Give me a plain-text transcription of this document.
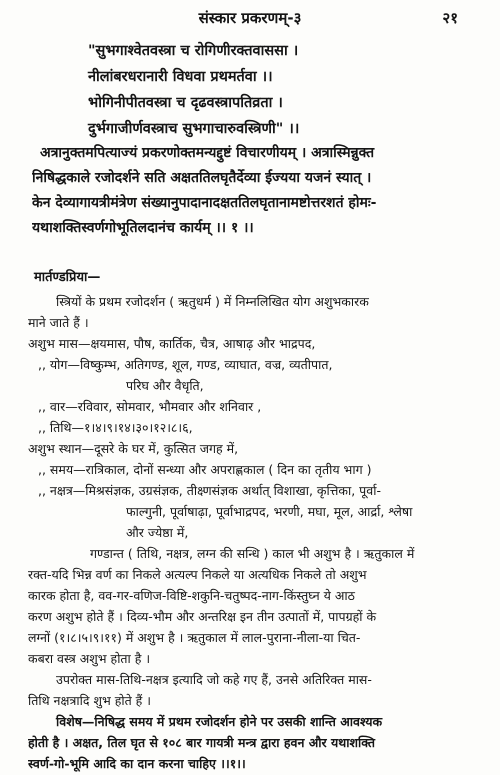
संस्कार प्रकरणम्-३	२१
"सुभगाश्वेतवस्त्रा च रोगिणीरक्तवाससा ।
नीलांबरधरानारी विधवा प्रथमर्तवा ।।
भोगिनीपीतवस्त्रा च दृढवस्त्रापतिव्रता ।
दुर्भगाजीर्णवस्त्राच सुभगाचारुवस्त्रिणी" ।।
अत्रानुक्तमपित्याज्यं प्रकरणोक्तमन्यद्दुष्टं विचारणीयम् । अत्रास्मिन्नुक्त
निषिद्धकाले रजोदर्शने सति अक्षततिलघृतैर्देव्या ईज्यया यजनं स्यात् ।
केन देव्यागायत्रीमंत्रेण संख्यानुपादानादक्षततिलघृतानामष्टोत्तरशतं होमः-
यथाशक्तिस्वर्णगोभूतिलदानंच कार्यम् ।। १ ।।
मार्तण्डप्रिया—
स्त्रियों के प्रथम रजोदर्शन ( ऋतुधर्म ) में निम्नलिखित योग अशुभकारक
माने जाते हैं ।
अशुभ मास—क्षयमास, पौष, कार्तिक, चैत्र, आषाढ़ और भाद्रपद,
,, योग—विष्कुम्भ, अतिगण्ड, शूल, गण्ड, व्याघात, वज्र, व्यतीपात,
परिघ और वैधृति,
,, वार—रविवार, सोमवार, भौमवार और शनिवार ,
,, तिथि—१।४।९।१४।३०।१२।८।६,
अशुभ स्थान—दूसरे के घर में, कुत्सित जगह में,
,, समय—रात्रिकाल, दोनों सन्ध्या और अपराह्णकाल ( दिन का तृतीय भाग )
,, नक्षत्र—मिश्रसंज्ञक, उग्रसंज्ञक, तीक्ष्णसंज्ञक अर्थात् विशाखा, कृत्तिका, पूर्वा-
फाल्गुनी, पूर्वाषाढ़ा, पूर्वाभाद्रपद, भरणी, मघा, मूल, आर्द्रा, श्लेषा
और ज्येष्ठा में,
गण्डान्त ( तिथि, नक्षत्र, लग्न की सन्धि ) काल भी अशुभ है । ऋतुकाल में
रक्त-यदि भिन्न वर्ण का निकले अत्यल्प निकले या अत्यधिक निकले तो अशुभ
कारक होता है, वव-गर-वणिज-विष्टि-शकुनि-चतुष्पद-नाग-किंस्तुघ्न ये आठ
करण अशुभ होते हैं । दिव्य-भौम और अन्तरिक्ष इन तीन उत्पातों में, पापग्रहों के
लग्नों (१।८।५।९।११) में अशुभ है । ऋतुकाल में लाल-पुराना-नीला-या चित-
कबरा वस्त्र अशुभ होता है ।
उपरोक्त मास-तिथि-नक्षत्र इत्यादि जो कहे गए हैं, उनसे अतिरिक्त मास-
तिथि नक्षत्रादि शुभ होते हैं ।
विशेष—निषिद्ध समय में प्रथम रजोदर्शन होने पर उसकी शान्ति आवश्यक
होती है । अक्षत, तिल घृत से १०८ बार गायत्री मन्त्र द्वारा हवन और यथाशक्ति
स्वर्ण-गो-भूमि आदि का दान करना चाहिए ।।१।।
